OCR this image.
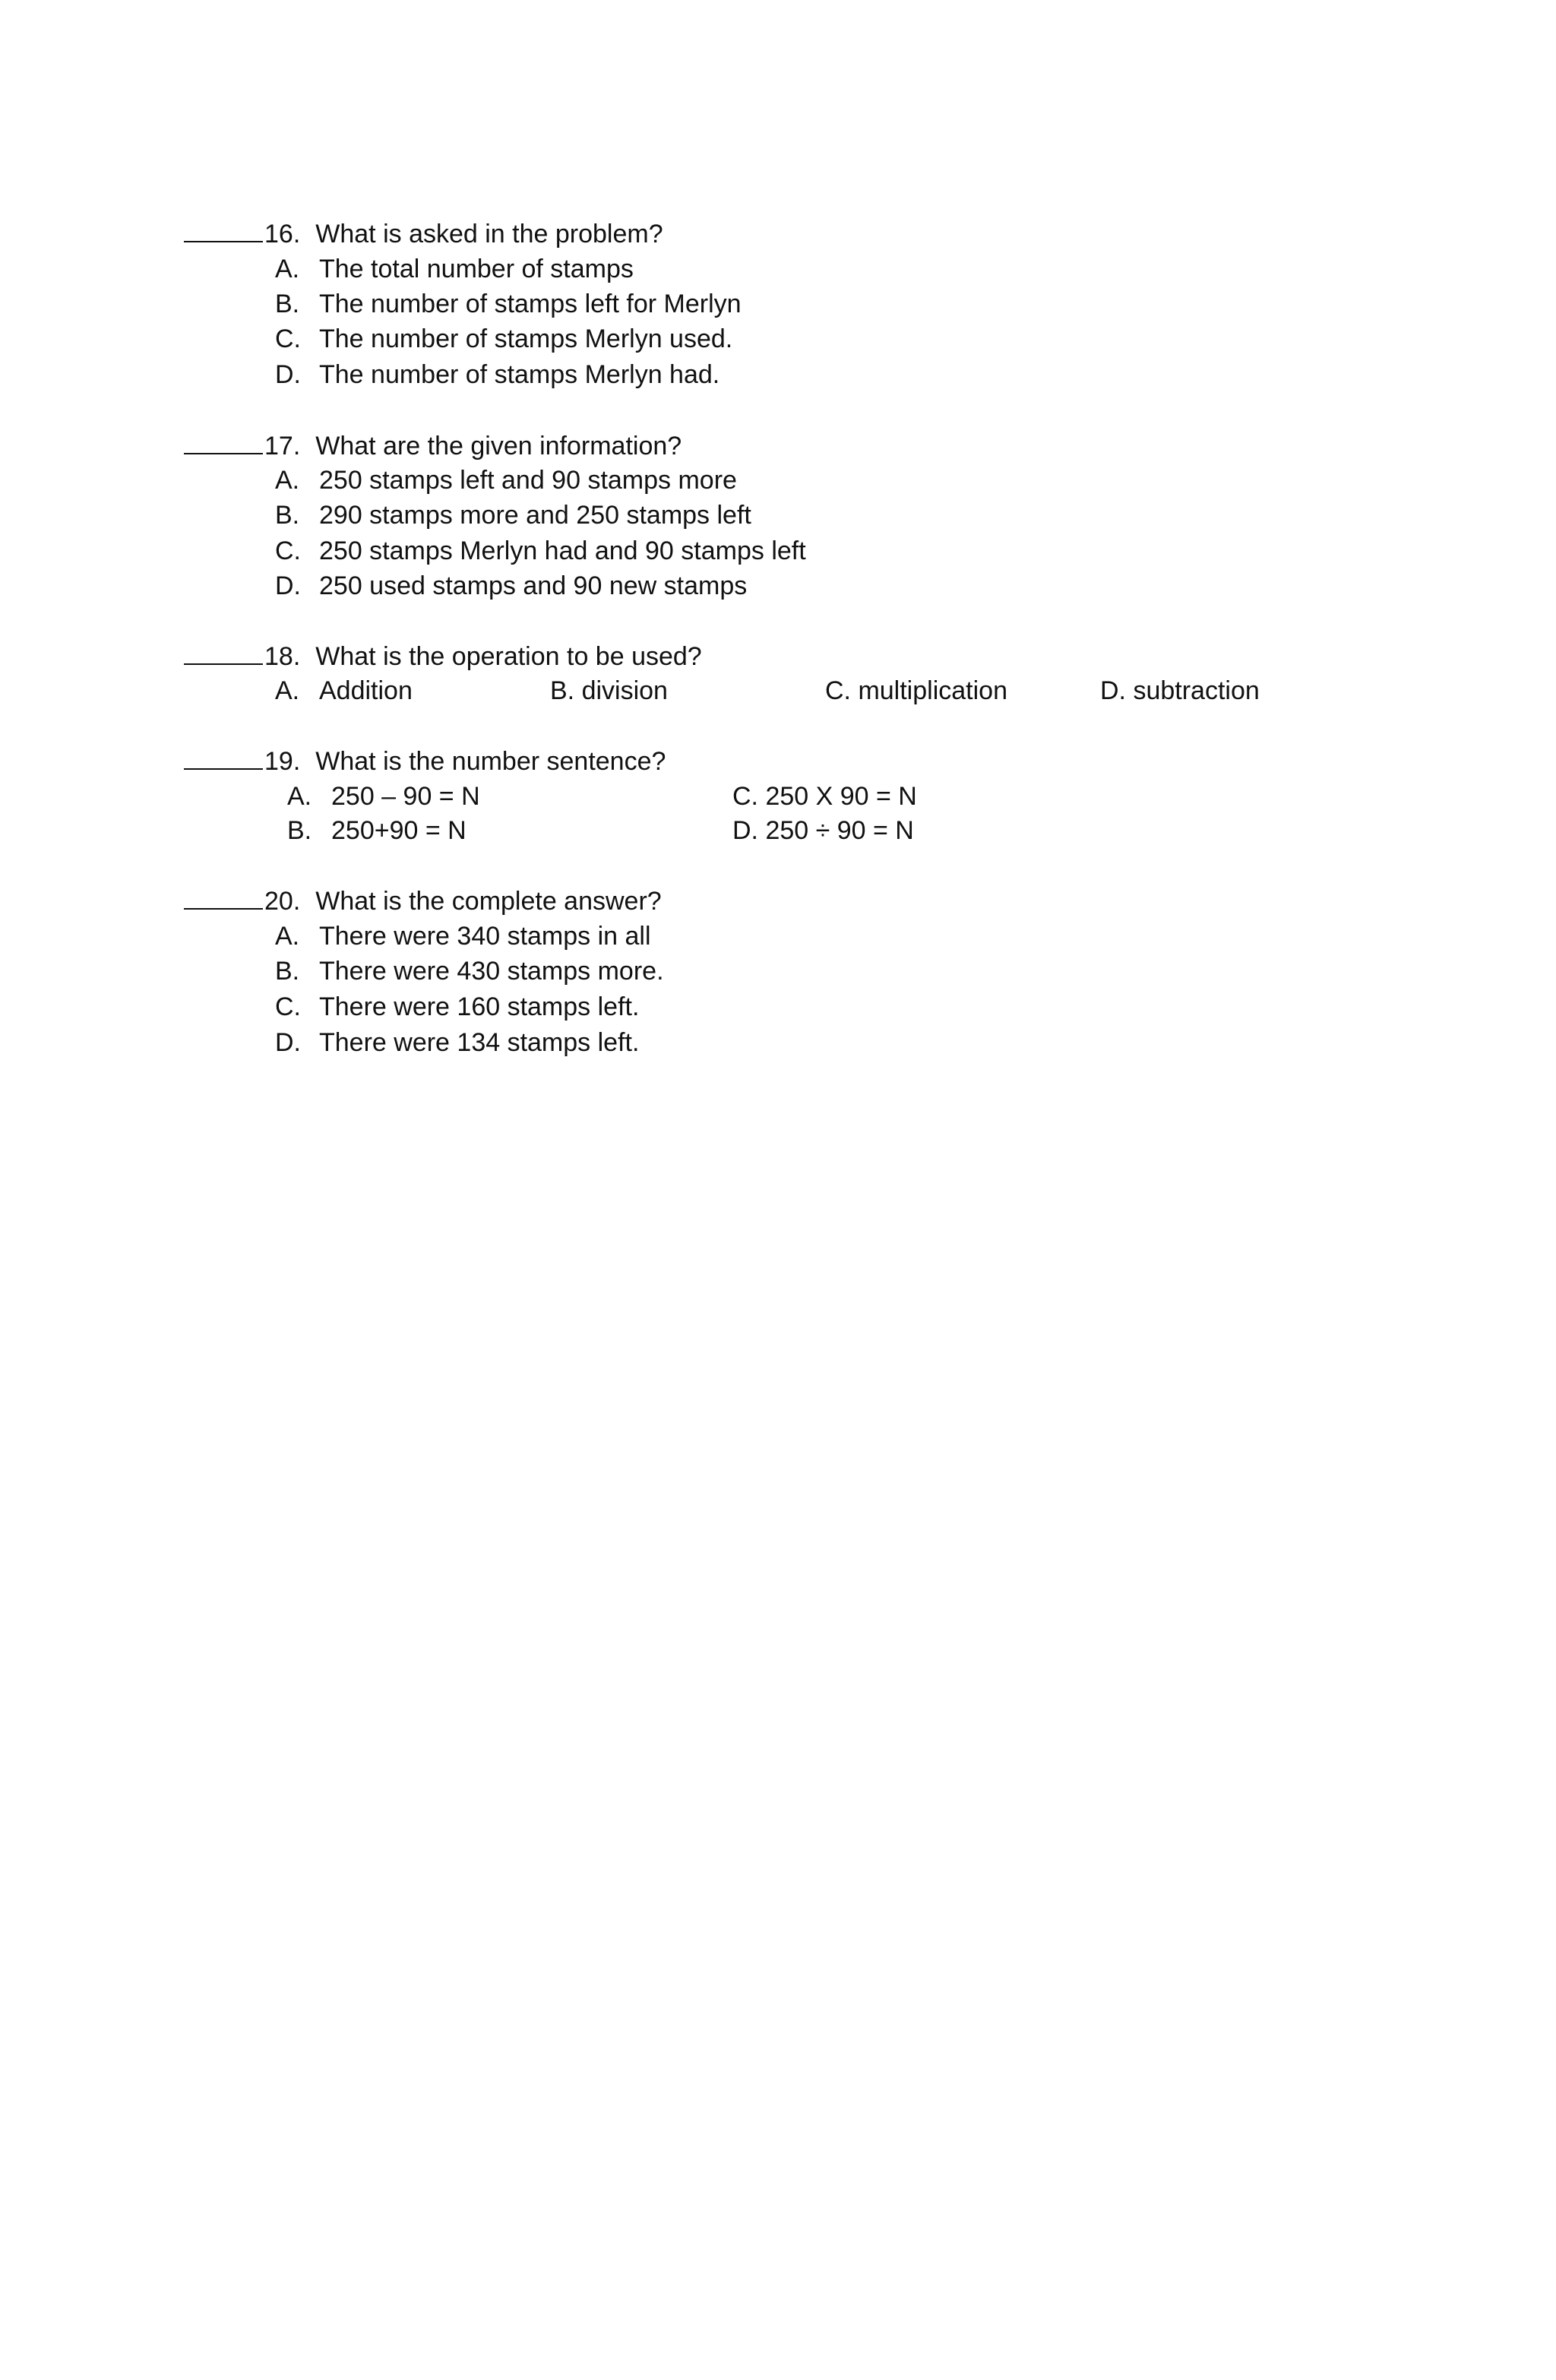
16. What is asked in the problem?
A. The total number of stamps
B. The number of stamps left for Merlyn
C. The number of stamps Merlyn used.
D. The number of stamps Merlyn had.
17. What are the given information?
A. 250 stamps left and 90 stamps more
B. 290 stamps more and 250 stamps left
C. 250 stamps Merlyn had and 90 stamps left
D. 250 used stamps and 90 new stamps
18. What is the operation to be used?
A. Addition	B. division	C. multiplication	D. subtraction
19. What is the number sentence?
A. 250 – 90 = N	C. 250 X 90 = N
B. 250+90 = N	D. 250 ÷ 90 = N
20. What is the complete answer?
A. There were 340 stamps in all
B. There were 430 stamps more.
C. There were 160 stamps left.
D. There were 134 stamps left.
